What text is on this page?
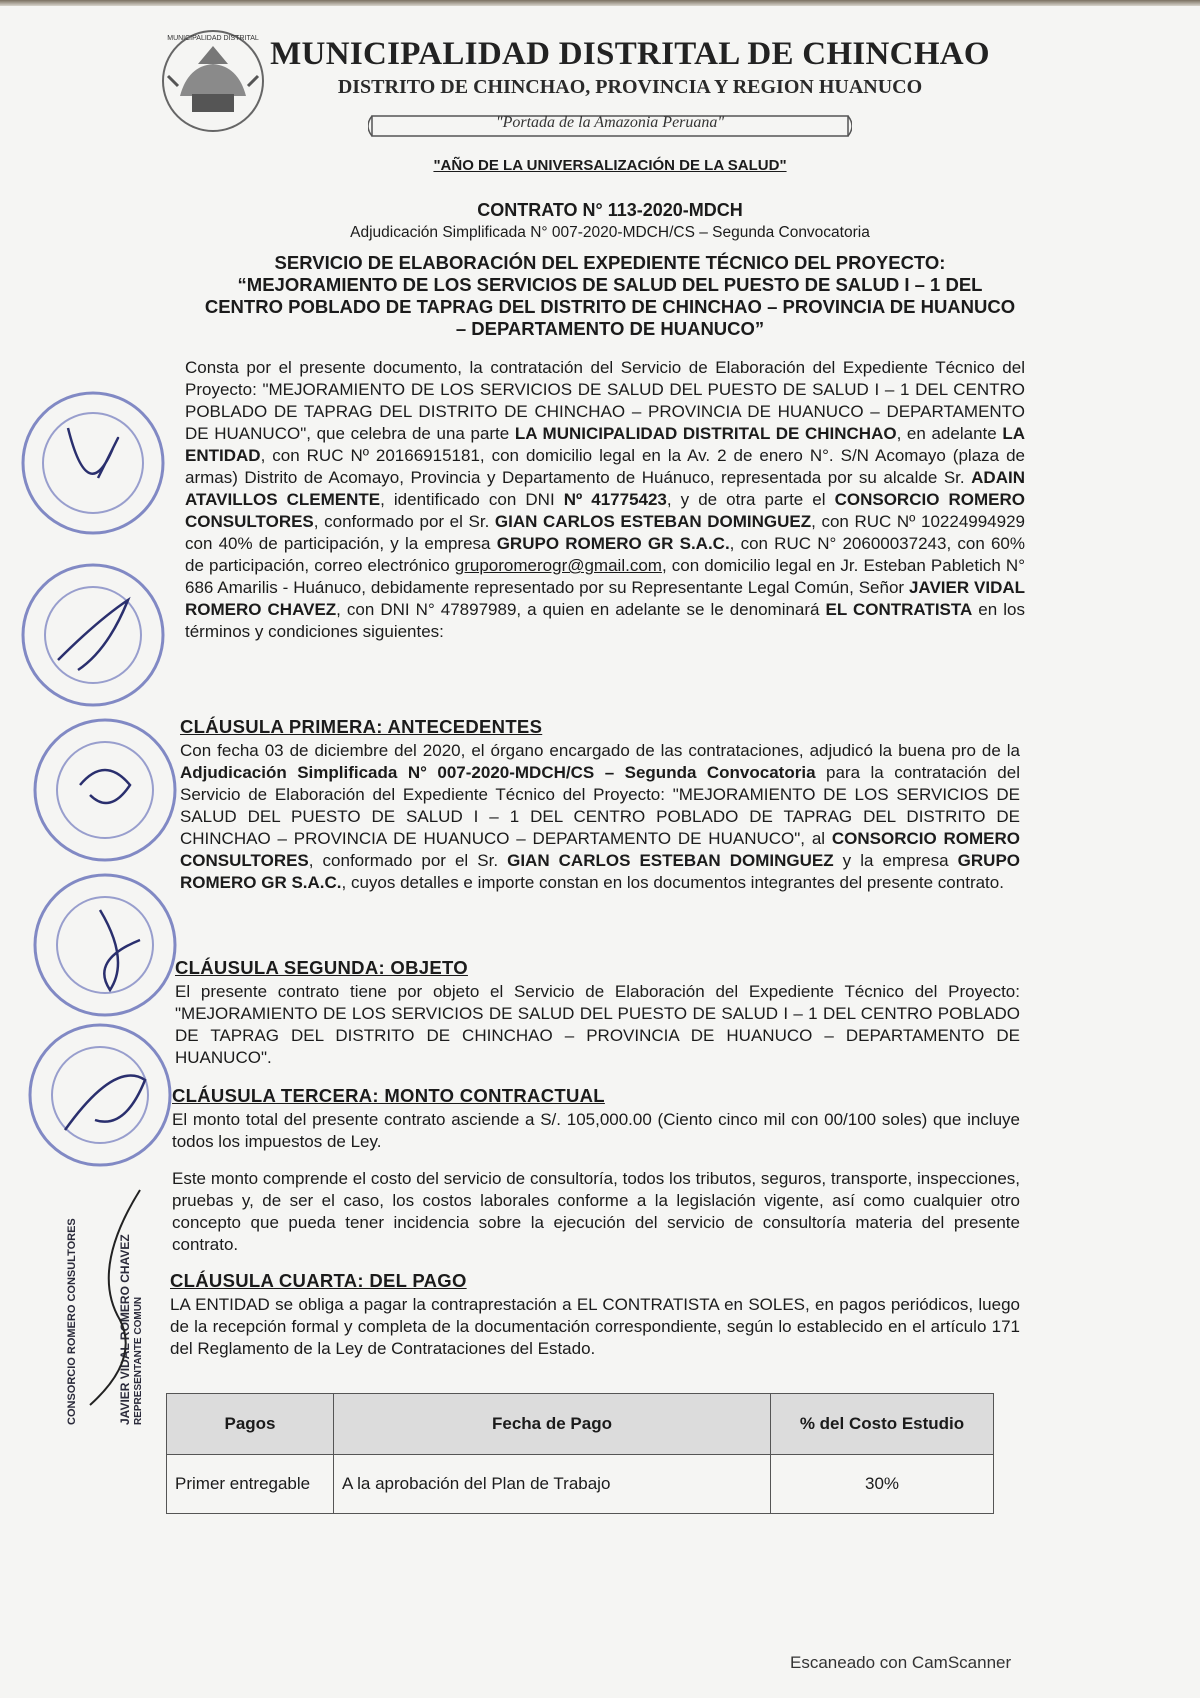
MUNICIPALIDAD DISTRITAL MUNICIPALIDAD DISTRITAL DE CHINCHAO
DISTRITO DE CHINCHAO, PROVINCIA Y REGION HUANUCO
"Portada de la Amazonia Peruana"
"AÑO DE LA UNIVERSALIZACIÓN DE LA SALUD"
CONTRATO N° 113-2020-MDCH
Adjudicación Simplificada N° 007-2020-MDCH/CS – Segunda Convocatoria
SERVICIO DE ELABORACIÓN DEL EXPEDIENTE TÉCNICO DEL PROYECTO: “MEJORAMIENTO DE LOS SERVICIOS DE SALUD DEL PUESTO DE SALUD I – 1 DEL CENTRO POBLADO DE TAPRAG DEL DISTRITO DE CHINCHAO – PROVINCIA DE HUANUCO – DEPARTAMENTO DE HUANUCO”
Consta por el presente documento, la contratación del Servicio de Elaboración del Expediente Técnico del Proyecto: "MEJORAMIENTO DE LOS SERVICIOS DE SALUD DEL PUESTO DE SALUD I – 1 DEL CENTRO POBLADO DE TAPRAG DEL DISTRITO DE CHINCHAO – PROVINCIA DE HUANUCO – DEPARTAMENTO DE HUANUCO", que celebra de una parte LA MUNICIPALIDAD DISTRITAL DE CHINCHAO, en adelante LA ENTIDAD, con RUC Nº 20166915181, con domicilio legal en la Av. 2 de enero N°. S/N Acomayo (plaza de armas) Distrito de Acomayo, Provincia y Departamento de Huánuco, representada por su alcalde Sr. ADAIN ATAVILLOS CLEMENTE, identificado con DNI Nº 41775423, y de otra parte el CONSORCIO ROMERO CONSULTORES, conformado por el Sr. GIAN CARLOS ESTEBAN DOMINGUEZ, con RUC Nº 10224994929 con 40% de participación, y la empresa GRUPO ROMERO GR S.A.C., con RUC N° 20600037243, con 60% de participación, correo electrónico gruporomerogr@gmail.com, con domicilio legal en Jr. Esteban Pabletich N° 686 Amarilis - Huánuco, debidamente representado por su Representante Legal Común, Señor JAVIER VIDAL ROMERO CHAVEZ, con DNI N° 47897989, a quien en adelante se le denominará EL CONTRATISTA en los términos y condiciones siguientes:
CLÁUSULA PRIMERA: ANTECEDENTES
Con fecha 03 de diciembre del 2020, el órgano encargado de las contrataciones, adjudicó la buena pro de la Adjudicación Simplificada N° 007-2020-MDCH/CS – Segunda Convocatoria para la contratación del Servicio de Elaboración del Expediente Técnico del Proyecto: "MEJORAMIENTO DE LOS SERVICIOS DE SALUD DEL PUESTO DE SALUD I – 1 DEL CENTRO POBLADO DE TAPRAG DEL DISTRITO DE CHINCHAO – PROVINCIA DE HUANUCO – DEPARTAMENTO DE HUANUCO", al CONSORCIO ROMERO CONSULTORES, conformado por el Sr. GIAN CARLOS ESTEBAN DOMINGUEZ y la empresa GRUPO ROMERO GR S.A.C., cuyos detalles e importe constan en los documentos integrantes del presente contrato.
CLÁUSULA SEGUNDA: OBJETO
El presente contrato tiene por objeto el Servicio de Elaboración del Expediente Técnico del Proyecto: "MEJORAMIENTO DE LOS SERVICIOS DE SALUD DEL PUESTO DE SALUD I – 1 DEL CENTRO POBLADO DE TAPRAG DEL DISTRITO DE CHINCHAO – PROVINCIA DE HUANUCO – DEPARTAMENTO DE HUANUCO".
CLÁUSULA TERCERA: MONTO CONTRACTUAL
El monto total del presente contrato asciende a S/. 105,000.00 (Ciento cinco mil con 00/100 soles) que incluye todos los impuestos de Ley.
Este monto comprende el costo del servicio de consultoría, todos los tributos, seguros, transporte, inspecciones, pruebas y, de ser el caso, los costos laborales conforme a la legislación vigente, así como cualquier otro concepto que pueda tener incidencia sobre la ejecución del servicio de consultoría materia del presente contrato.
CLÁUSULA CUARTA: DEL PAGO
LA ENTIDAD se obliga a pagar la contraprestación a EL CONTRATISTA en SOLES, en pagos periódicos, luego de la recepción formal y completa de la documentación correspondiente, según lo establecido en el artículo 171 del Reglamento de la Ley de Contrataciones del Estado.
Pagos	Fecha de Pago	% del Costo Estudio
Primer entregable	A la aprobación del Plan de Trabajo	30%
CONSORCIO ROMERO CONSULTORES	JAVIER VIDAL ROMERO CHAVEZ REPRESENTANTE COMUN
Escaneado con CamScanner
